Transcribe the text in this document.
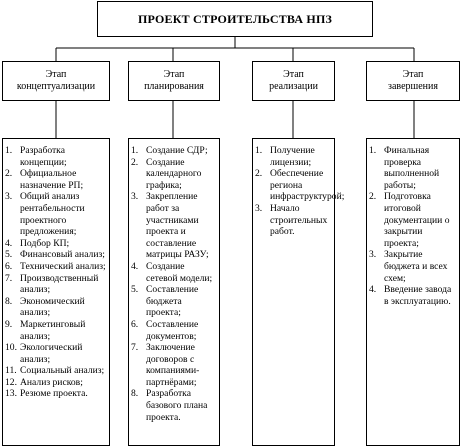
ПРОЕКТ СТРОИТЕЛЬСТВА НПЗ
Этап
концептуализации
Этап
планирования
Этап
реализации
Этап
завершения
1. Разработка концепции;
2. Официальное назначение РП;
3. Общий анализ рентабельности проектного предложения;
4. Подбор КП;
5. Финансовый анализ;
6. Технический анализ;
7. Производственный анализ;
8. Экономический анализ;
9. Маркетинговый анализ;
10. Экологический анализ;
11. Социальный анализ;
12. Анализ рисков;
13. Резюме проекта.
1. Создание СДР;
2. Создание календарного графика;
3. Закрепление работ за участниками проекта и составление матрицы РАЗУ;
4. Создание сетевой модели;
5. Составление бюджета проекта;
6. Составление документов;
7. Заключение договоров с компаниями-партнёрами;
8. Разработка базового плана проекта.
1. Получение лицензии;
2. Обеспечение региона инфраструктурой;
3. Начало строительных работ.
1. Финальная проверка выполненной работы;
2. Подготовка итоговой документации о закрытии проекта;
3. Закрытие бюджета и всех схем;
4. Введение завода в эксплуатацию.
